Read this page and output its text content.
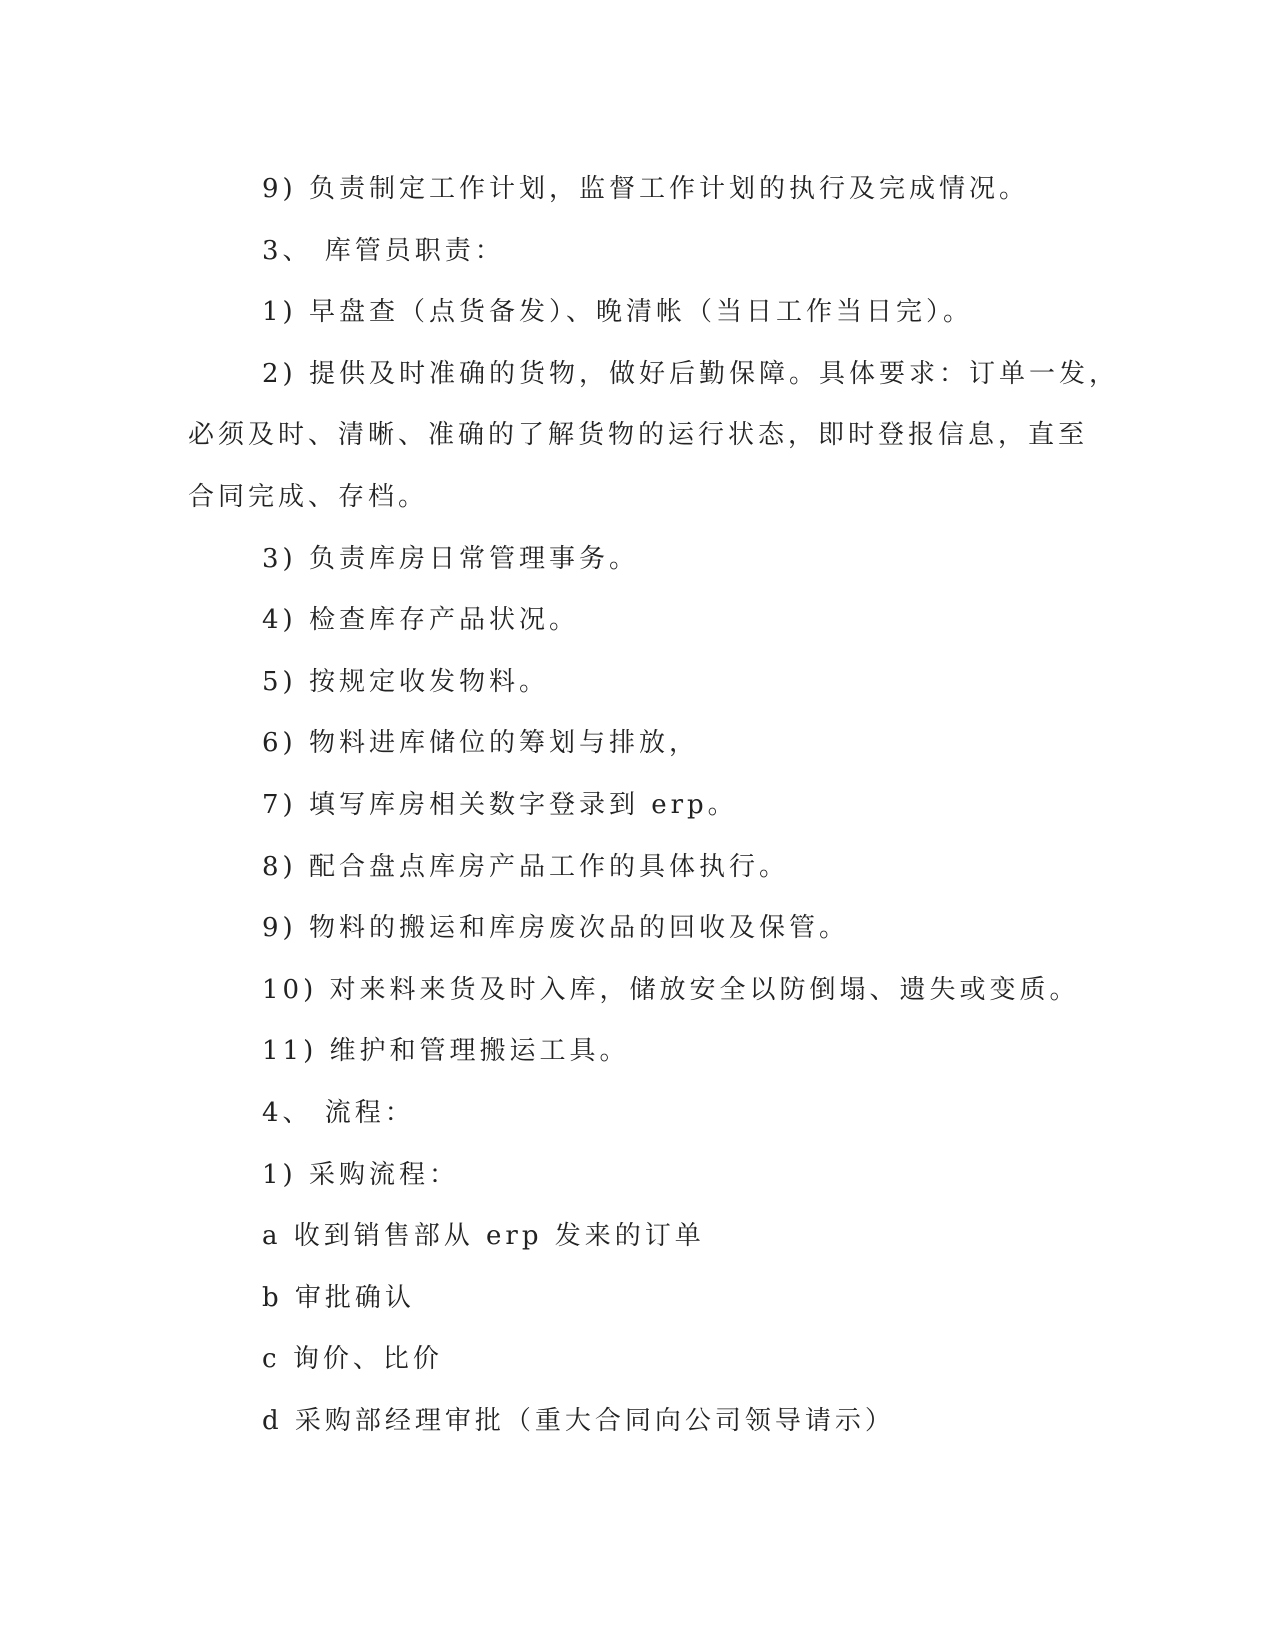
9) 负责制定工作计划，监督工作计划的执行及完成情况。
3、 库管员职责：
1) 早盘查（点货备发）、晚清帐（当日工作当日完）。
2) 提供及时准确的货物，做好后勤保障。具体要求：订单一发，
必须及时、清晰、准确的了解货物的运行状态，即时登报信息，直至
合同完成、存档。
3) 负责库房日常管理事务。
4) 检查库存产品状况。
5) 按规定收发物料。
6) 物料进库储位的筹划与排放，
7) 填写库房相关数字登录到 erp。
8) 配合盘点库房产品工作的具体执行。
9) 物料的搬运和库房废次品的回收及保管。
10) 对来料来货及时入库，储放安全以防倒塌、遗失或变质。
11) 维护和管理搬运工具。
4、 流程：
1) 采购流程：
a 收到销售部从 erp 发来的订单
b 审批确认
c 询价、比价
d 采购部经理审批（重大合同向公司领导请示）
